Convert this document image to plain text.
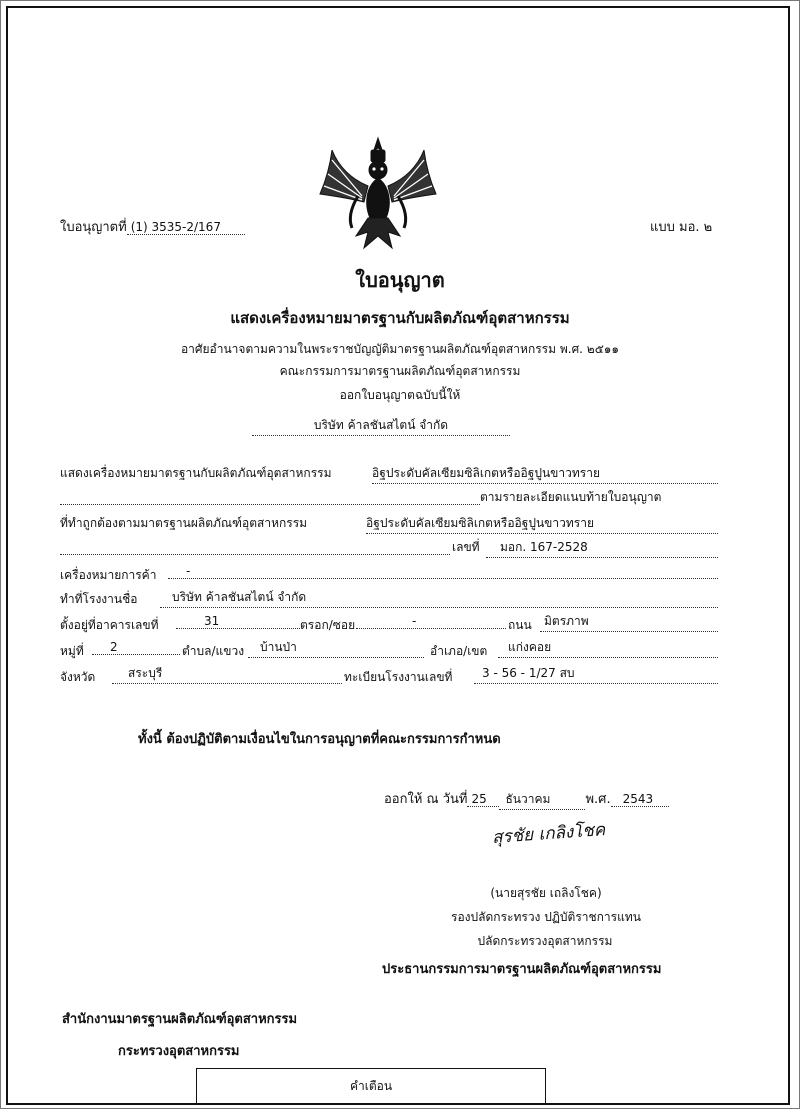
ใบอนุญาตที่ (1) 3535-2/167	แบบ มอ. ๒
ใบอนุญาต
แสดงเครื่องหมายมาตรฐานกับผลิตภัณฑ์อุตสาหกรรม
อาศัยอำนาจตามความในพระราชบัญญัติมาตรฐานผลิตภัณฑ์อุตสาหกรรม พ.ศ. ๒๕๑๑
คณะกรรมการมาตรฐานผลิตภัณฑ์อุตสาหกรรม
ออกใบอนุญาตฉบับนี้ให้
บริษัท ค้าลชันสไตน์ จำกัด
แสดงเครื่องหมายมาตรฐานกับผลิตภัณฑ์อุตสาหกรรม	อิฐประดับคัลเซียมซิลิเกตหรืออิฐปูนขาวทราย
ตามรายละเอียดแนบท้ายใบอนุญาต
ที่ทำถูกต้องตามมาตรฐานผลิตภัณฑ์อุตสาหกรรม	อิฐประดับคัลเซียมซิลิเกตหรืออิฐปูนขาวทราย
เลขที่	มอก. 167-2528
เครื่องหมายการค้า	-
ทำที่โรงงานชื่อ	บริษัท ค้าลชันสไตน์ จำกัด
ตั้งอยู่ที่อาคารเลขที่	31	ตรอก/ซอย	-	ถนน	มิตรภาพ
หมู่ที่	2	ตำบล/แขวง	บ้านป่า	อำเภอ/เขต	แก่งคอย
จังหวัด	สระบุรี	ทะเบียนโรงงานเลขที่	3 - 56 - 1/27 สบ
ทั้งนี้ ต้องปฏิบัติตามเงื่อนไขในการอนุญาตที่คณะกรรมการกำหนด
ออกให้ ณ วันที่ 25 ธันวาคม	พ.ศ. 2543
สุรชัย เกลิงโชค
(นายสุรชัย เถลิงโชค)
รองปลัดกระทรวง ปฏิบัติราชการแทน
ปลัดกระทรวงอุตสาหกรรม
ประธานกรรมการมาตรฐานผลิตภัณฑ์อุตสาหกรรม
สำนักงานมาตรฐานผลิตภัณฑ์อุตสาหกรรม
กระทรวงอุตสาหกรรม
คำเตือน
